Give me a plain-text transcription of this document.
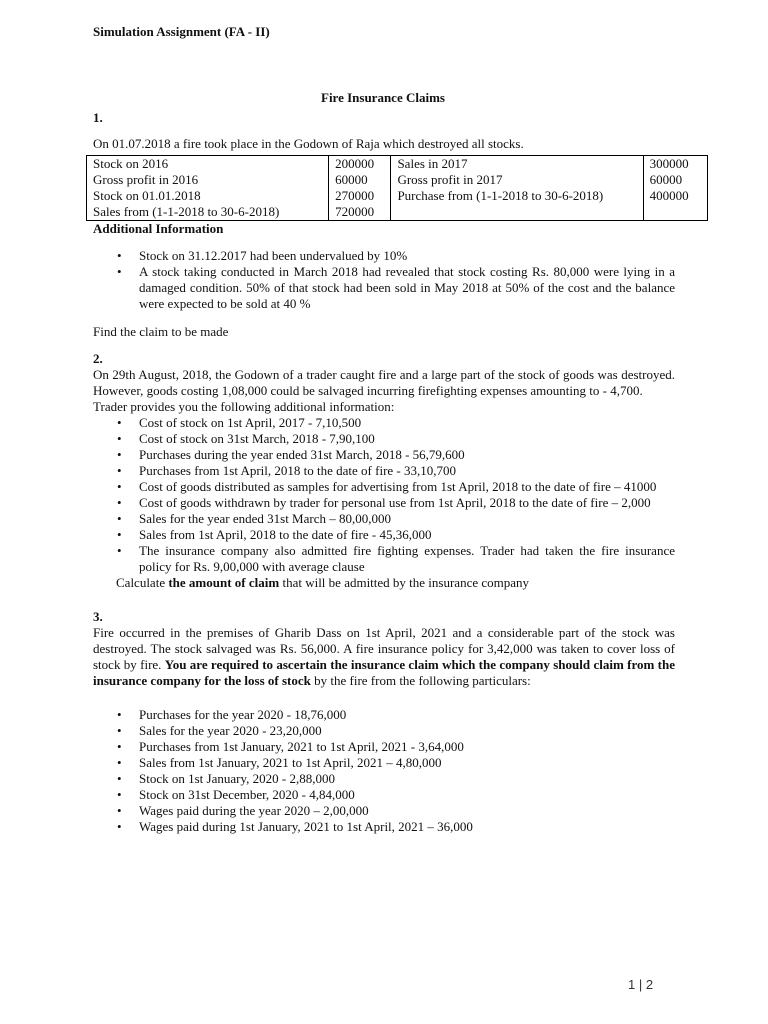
Simulation Assignment (FA - II)

Fire Insurance Claims

1.

On 01.07.2018 a fire took place in the Godown of Raja which destroyed all stocks.

Stock on 2016	200000	Sales in 2017	300000
Gross profit in 2016	60000	Gross profit in 2017	60000
Stock on 01.01.2018	270000	Purchase from (1-1-2018 to 30-6-2018)	400000
Sales from (1-1-2018 to 30-6-2018)	720000		

Additional Information

• Stock on 31.12.2017 had been undervalued by 10%
• A stock taking conducted in March 2018 had revealed that stock costing Rs. 80,000 were lying in a damaged condition. 50% of that stock had been sold in May 2018 at 50% of the cost and the balance were expected to be sold at 40 %

Find the claim to be made

2.

On 29th August, 2018, the Godown of a trader caught fire and a large part of the stock of goods was destroyed. However, goods costing 1,08,000 could be salvaged incurring firefighting expenses amounting to - 4,700.

Trader provides you the following additional information:

• Cost of stock on 1st April, 2017 - 7,10,500
• Cost of stock on 31st March, 2018 - 7,90,100
• Purchases during the year ended 31st March, 2018 - 56,79,600
• Purchases from 1st April, 2018 to the date of fire - 33,10,700
• Cost of goods distributed as samples for advertising from 1st April, 2018 to the date of fire – 41000
• Cost of goods withdrawn by trader for personal use from 1st April, 2018 to the date of fire – 2,000
• Sales for the year ended 31st March – 80,00,000
• Sales from 1st April, 2018 to the date of fire - 45,36,000
• The insurance company also admitted fire fighting expenses. Trader had taken the fire insurance policy for Rs. 9,00,000 with average clause

Calculate the amount of claim that will be admitted by the insurance company

3.

Fire occurred in the premises of Gharib Dass on 1st April, 2021 and a considerable part of the stock was destroyed. The stock salvaged was Rs. 56,000. A fire insurance policy for 3,42,000 was taken to cover loss of stock by fire. You are required to ascertain the insurance claim which the company should claim from the insurance company for the loss of stock by the fire from the following particulars:

• Purchases for the year 2020 - 18,76,000
• Sales for the year 2020 - 23,20,000
• Purchases from 1st January, 2021 to 1st April, 2021 - 3,64,000
• Sales from 1st January, 2021 to 1st April, 2021 – 4,80,000
• Stock on 1st January, 2020 - 2,88,000
• Stock on 31st December, 2020 - 4,84,000
• Wages paid during the year 2020 – 2,00,000
• Wages paid during 1st January, 2021 to 1st April, 2021 – 36,000
1 | 2
